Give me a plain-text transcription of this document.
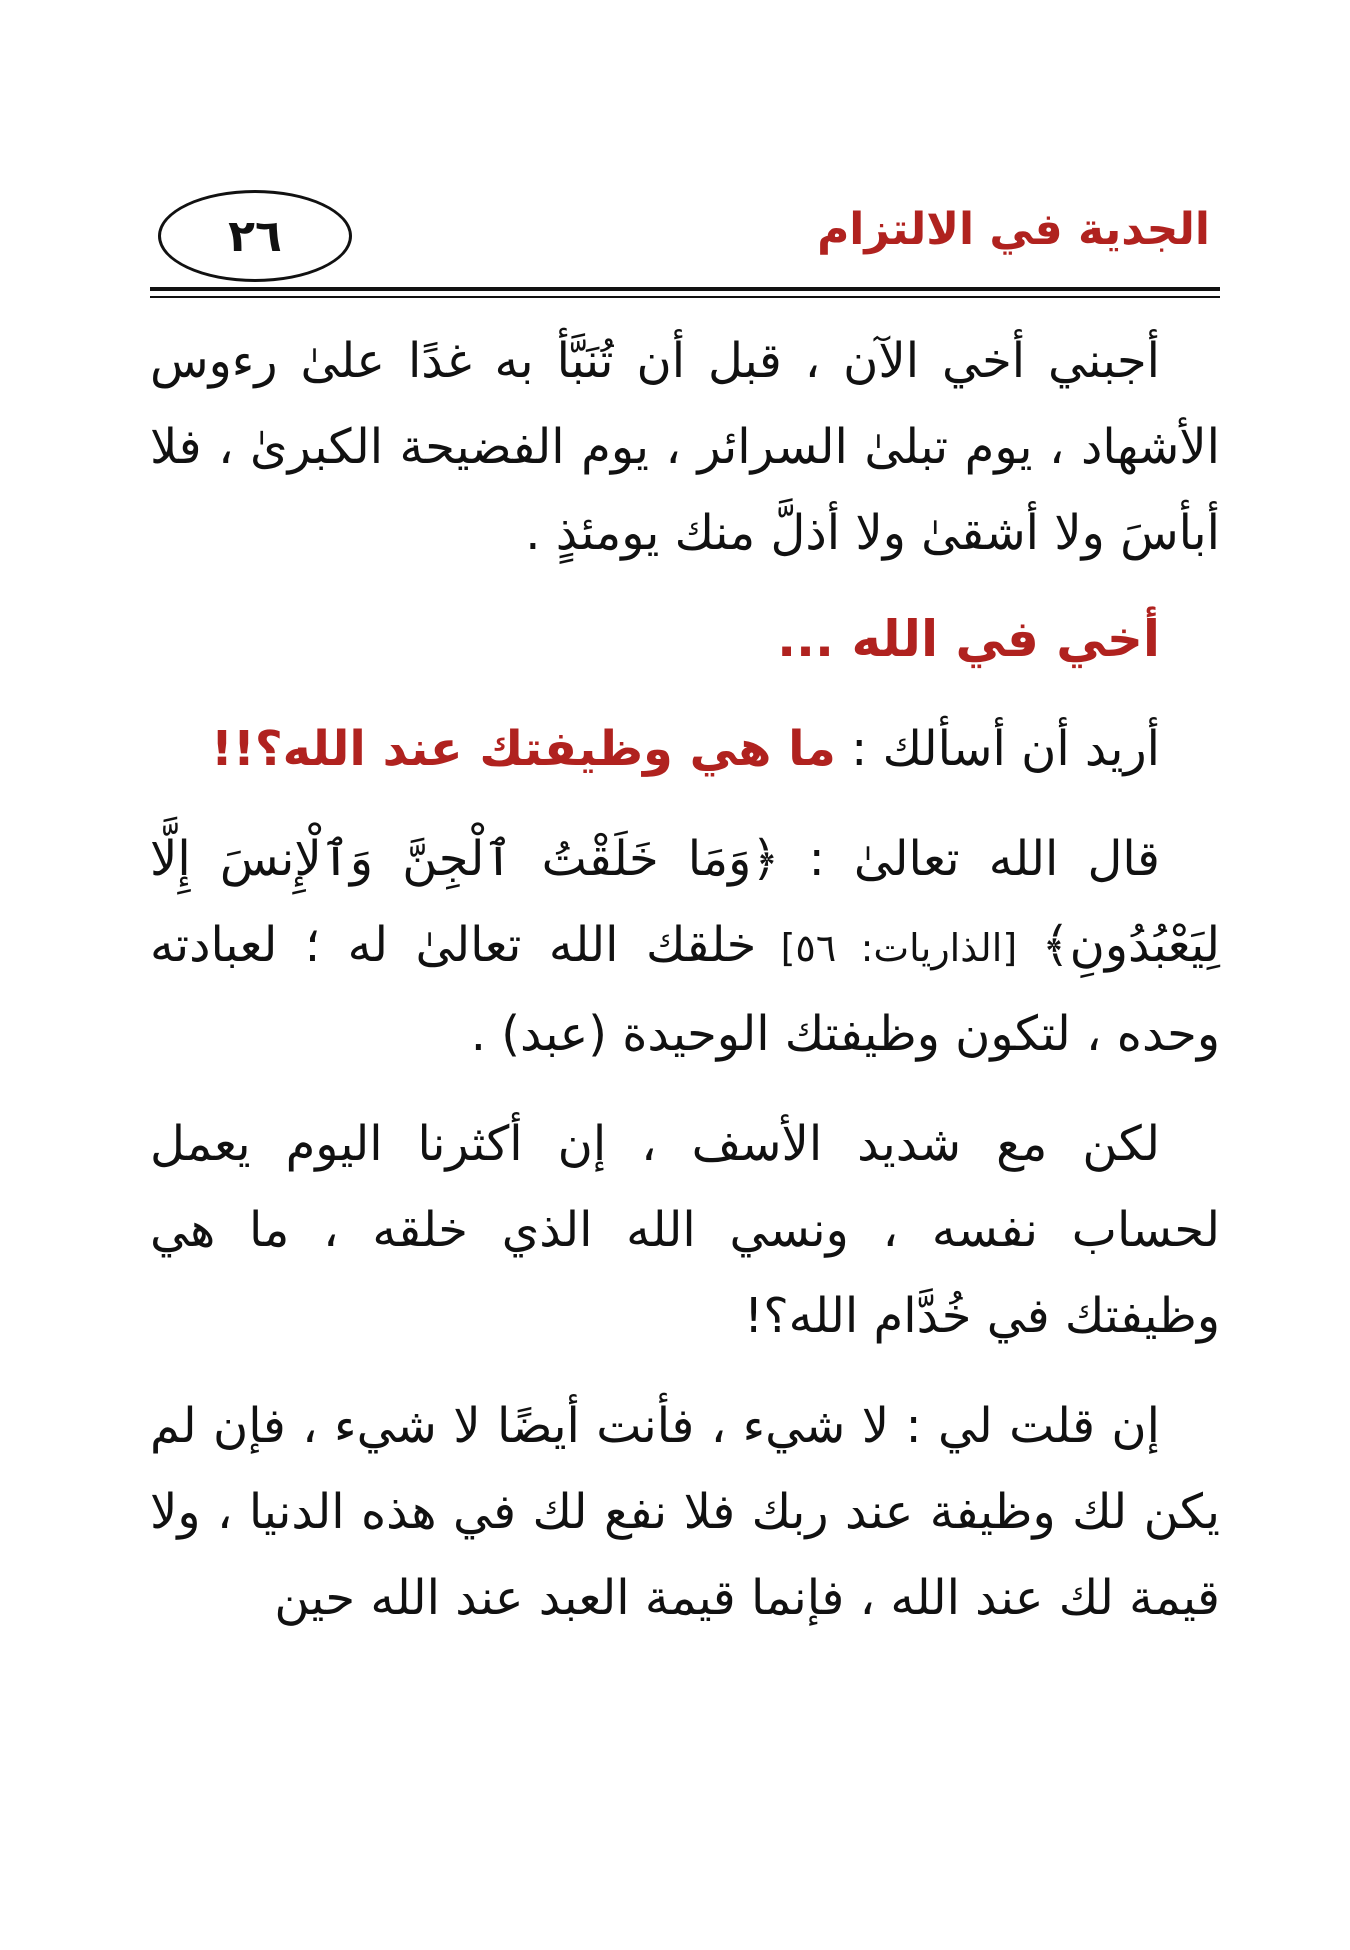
٢٦	الجدية في الالتزام

أجبني أخي الآن ، قبل أن تُنَبَّأ به غدًا علىٰ رءوس الأشهاد ، يوم تبلىٰ السرائر ، يوم الفضيحة الكبرىٰ ، فلا أبأسَ ولا أشقىٰ ولا أذلَّ منك يومئذٍ .

أخي في الله ...

أريد أن أسألك : ما هي وظيفتك عند الله؟!!

قال الله تعالىٰ : ﴿وَمَا خَلَقْتُ ٱلْجِنَّ وَٱلْإِنسَ إِلَّا لِيَعْبُدُونِ﴾ [الذاريات: ٥٦] خلقك الله تعالىٰ له ؛ لعبادته وحده ، لتكون وظيفتك الوحيدة (عبد) .

لكن مع شديد الأسف ، إن أكثرنا اليوم يعمل لحساب نفسه ، ونسي الله الذي خلقه ، ما هي وظيفتك في خُدَّام الله؟!

إن قلت لي : لا شيء ، فأنت أيضًا لا شيء ، فإن لم يكن لك وظيفة عند ربك فلا نفع لك في هذه الدنيا ، ولا قيمة لك عند الله ، فإنما قيمة العبد عند الله حين
